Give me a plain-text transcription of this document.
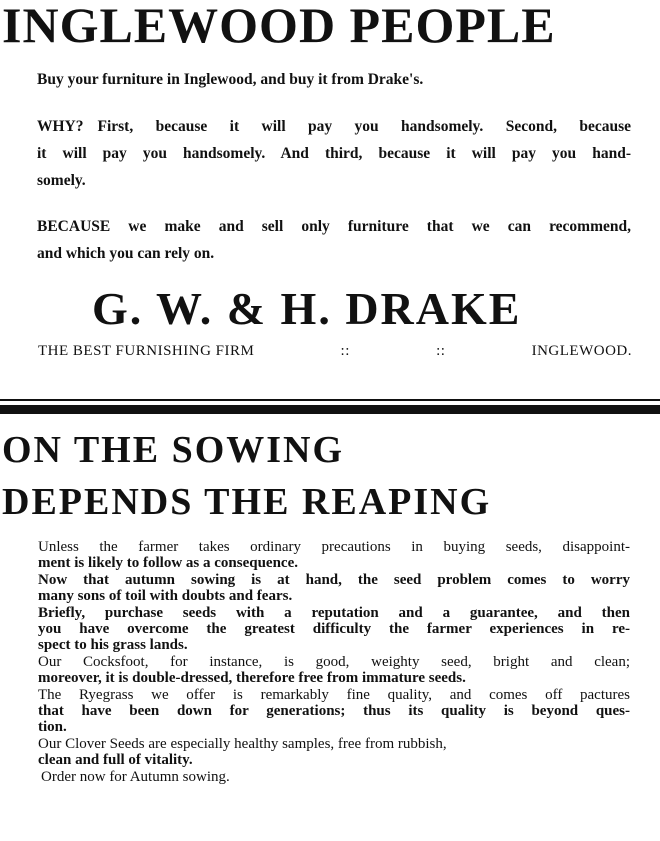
INGLEWOOD PEOPLE

Buy your furniture in Inglewood, and buy it from Drake's.

WHY? First, because it will pay you handsomely. Second, because
it will pay you handsomely. And third, because it will pay you hand-
somely.
BECAUSE we make and sell only furniture that we can recommend,
and which you can rely on.
G. W. & H. DRAKE
THE BEST FURNISHING FIRM	::	::	INGLEWOOD.
ON THE SOWING
DEPENDS THE REAPING

Unless the farmer takes ordinary precautions in buying seeds, disappoint-

ment is likely to follow as a consequence.

Now that autumn sowing is at hand, the seed problem comes to worry

many sons of toil with doubts and fears.

Briefly, purchase seeds with a reputation and a guarantee, and then

you have overcome the greatest difficulty the farmer experiences in re-

spect to his grass lands.

Our Cocksfoot, for instance, is good, weighty seed, bright and clean;

moreover, it is double-dressed, therefore free from immature seeds.

The Ryegrass we offer is remarkably fine quality, and comes off pactures

that have been down for generations; thus its quality is beyond ques-

tion.

Our Clover Seeds are especially healthy samples, free from rubbish,

clean and full of vitality.

Order now for Autumn sowing.
